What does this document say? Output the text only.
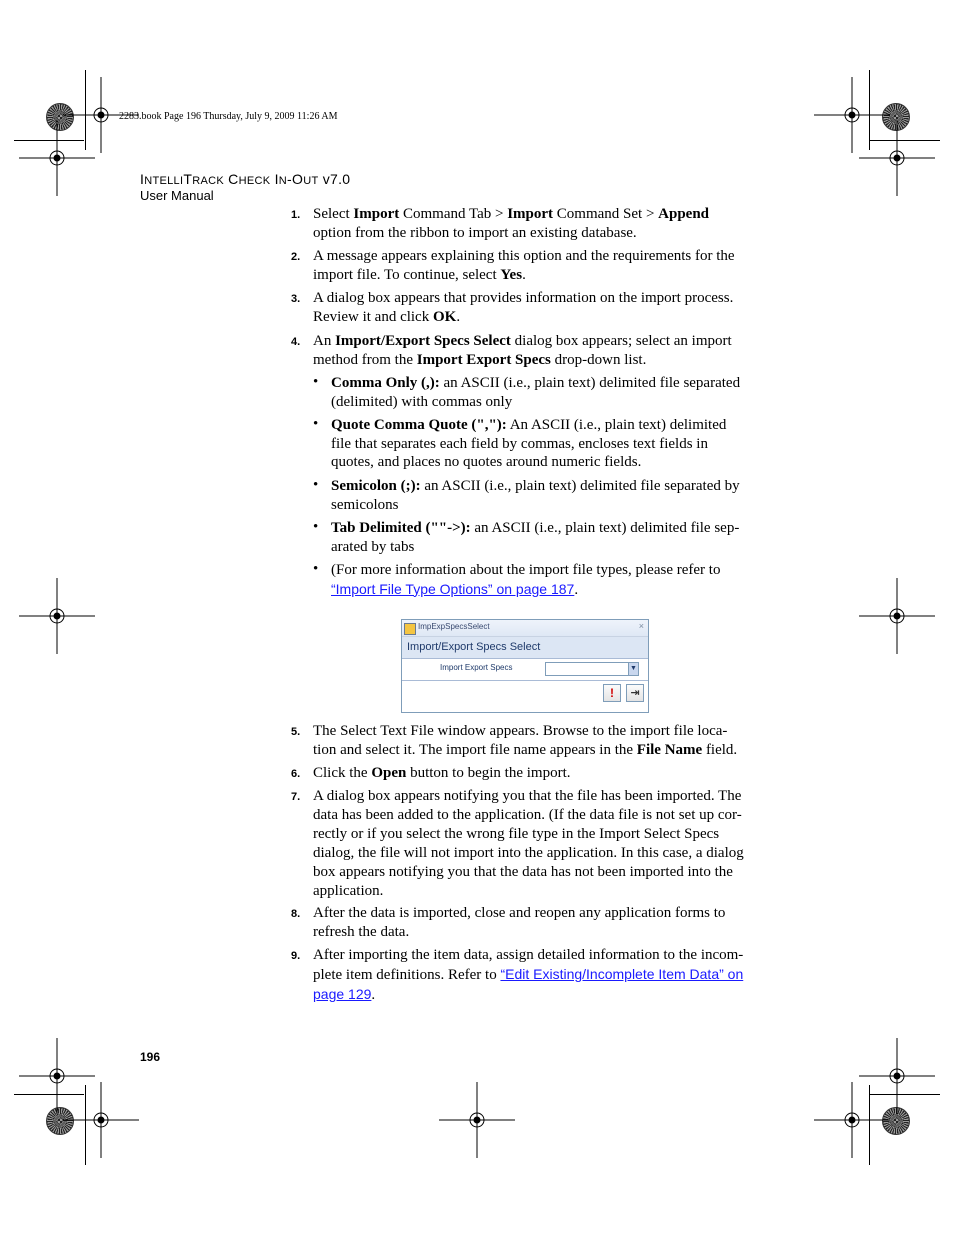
2283.book Page 196 Thursday, July 9, 2009 11:26 AM
INTELLITRACK CHECK IN-OUT v7.0
User Manual
1. Select Import Command Tab > Import Command Set > Append
option from the ribbon to import an existing database.
2. A message appears explaining this option and the requirements for the
import file. To continue, select Yes.
3. A dialog box appears that provides information on the import process.
Review it and click OK.
4. An Import/Export Specs Select dialog box appears; select an import
method from the Import Export Specs drop-down list.
• Comma Only (,): an ASCII (i.e., plain text) delimited file separated
(delimited) with commas only
• Quote Comma Quote (","): An ASCII (i.e., plain text) delimited
file that separates each field by commas, encloses text fields in
quotes, and places no quotes around numeric fields.
• Semicolon (;): an ASCII (i.e., plain text) delimited file separated by
semicolons
• Tab Delimited (""->): an ASCII (i.e., plain text) delimited file sep-
arated by tabs
• (For more information about the import file types, please refer to
“Import File Type Options” on page 187.
ImpExpSpecsSelect	×
Import/Export Specs Select
Import Export Specs	▼
!	⇥
5. The Select Text File window appears. Browse to the import file loca-
tion and select it. The import file name appears in the File Name field.
6. Click the Open button to begin the import.
7. A dialog box appears notifying you that the file has been imported. The
data has been added to the application. (If the data file is not set up cor-
rectly or if you select the wrong file type in the Import Select Specs
dialog, the file will not import into the application. In this case, a dialog
box appears notifying you that the data has not been imported into the
application.
8. After the data is imported, close and reopen any application forms to
refresh the data.
9. After importing the item data, assign detailed information to the incom-
plete item definitions. Refer to “Edit Existing/Incomplete Item Data” on
page 129.
196
